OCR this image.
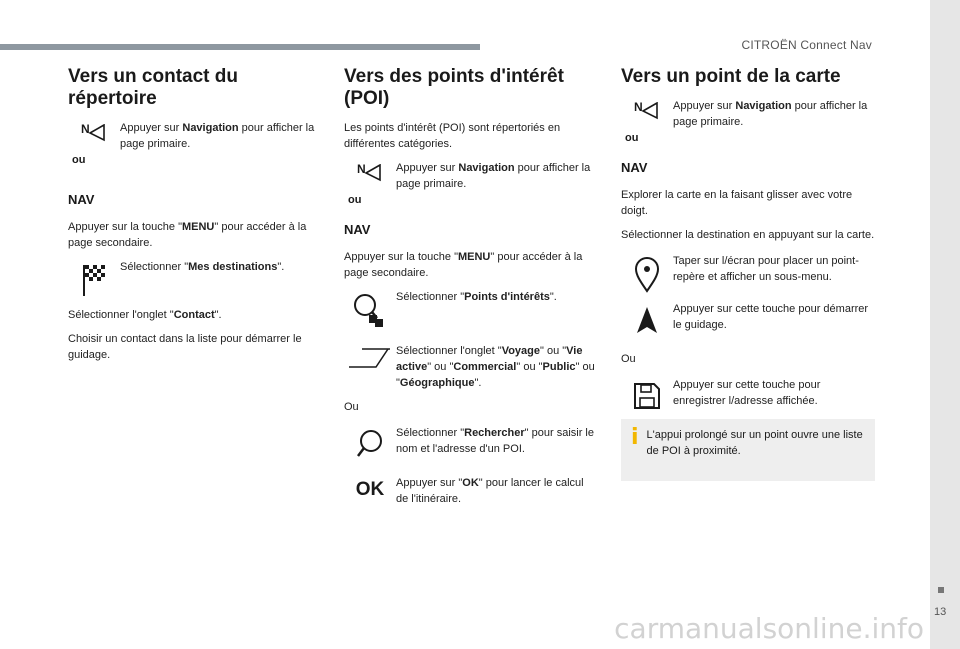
CITROËN Connect Nav
13
Vers un contact du répertoire
N
ou
Appuyer sur Navigation pour afficher la page primaire.
NAV

Appuyer sur la touche "MENU" pour accéder à la page secondaire.

Sélectionner "Mes destinations".

Sélectionner l'onglet "Contact".

Choisir un contact dans la liste pour démarrer le guidage.

Vers des points d'intérêt (POI)

Les points d'intérêt (POI) sont répertoriés en différentes catégories.

N
ou
Appuyer sur Navigation pour afficher la page primaire.
NAV

Appuyer sur la touche "MENU" pour accéder à la page secondaire.

Sélectionner "Points d'intérêts".
Sélectionner l'onglet "Voyage" ou "Vie active" ou "Commercial" ou "Public" ou "Géographique".

Ou

Sélectionner "Rechercher" pour saisir le nom et l'adresse d'un POI.
OK Appuyer sur "OK" pour lancer le calcul de l'itinéraire.
Vers un point de la carte
N
ou
Appuyer sur Navigation pour afficher la page primaire.
NAV

Explorer la carte en la faisant glisser avec votre doigt.

Sélectionner la destination en appuyant sur la carte.

Taper sur l/écran pour placer un point-repère et afficher un sous-menu.
Appuyer sur cette touche pour démarrer le guidage.

Ou

Appuyer sur cette touche pour enregistrer l/adresse affichée.
i L'appui prolongé sur un point ouvre une liste de POI à proximité.
carmanualsonline.info
